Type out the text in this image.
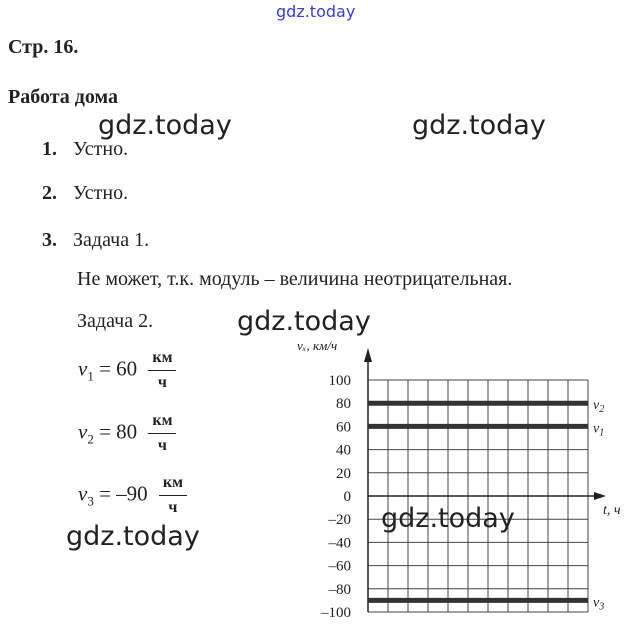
gdz.today
Стр. 16.
Работа дома
gdz.today	gdz.today
gdz.today
gdz.today
1. Устно.
2. Устно.
3. Задача 1.
Не может, т.к. модуль – величина неотрицательная.
Задача 2.
$v_1 = 60 \frac{км}{ч}$
$v_2 = 80 \frac{км}{ч}$
$v_3 = -90 \frac{км}{ч}$
100
80
60
40
20
0
–20
–40
–60
–80
–100
$v_2$
$v_1$
$v_3$
vₓ, км/ч
t, ч
gdz.today
